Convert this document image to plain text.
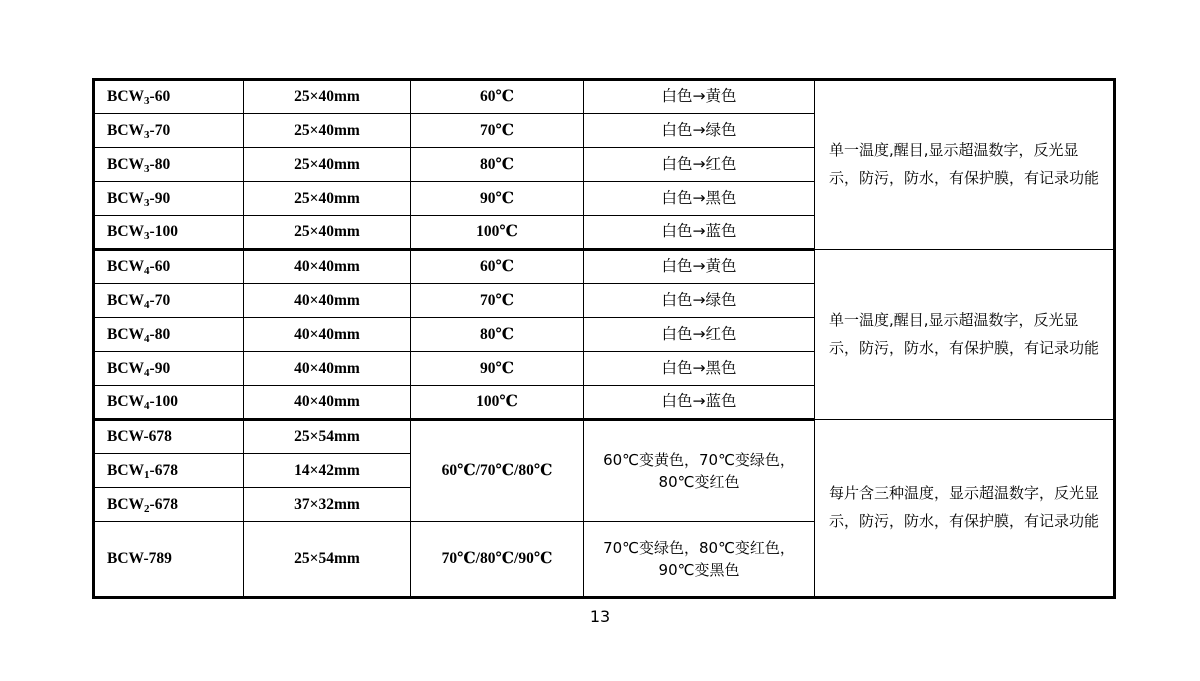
$BCW_3-60$	25×40mm	60℃	白色→黄色	单一温度,醒目,显示超温数字，反光显示，防污，防水，有保护膜，有记录功能

$BCW_3-70$	25×40mm	70℃	白色→绿色	

$BCW_3-80$	25×40mm	80℃	白色→红色	

$BCW_3-90$	25×40mm	90℃	白色→黑色	

$BCW_3-100$	25×40mm	100℃	白色→蓝色	

$BCW_4-60$	40×40mm	60℃	白色→黄色	单一温度,醒目,显示超温数字，反光显示，防污，防水，有保护膜，有记录功能

$BCW_4-70$	40×40mm	70℃	白色→绿色	

$BCW_4-80$	40×40mm	80℃	白色→红色	

$BCW_4-90$	40×40mm	90℃	白色→黑色	

$BCW_4-100$	40×40mm	100℃	白色→蓝色	

BCW-678	25×54mm	60℃/70℃/80℃	60℃变黄色，70℃变绿色，80℃变红色	每片含三种温度，显示超温数字，反光显示，防污，防水，有保护膜，有记录功能

$BCW_1-678$	14×42mm			

$BCW_2-678$	37×32mm			

BCW-789	25×54mm	70℃/80℃/90℃	70℃变绿色，80℃变红色，90℃变黑色	
13
